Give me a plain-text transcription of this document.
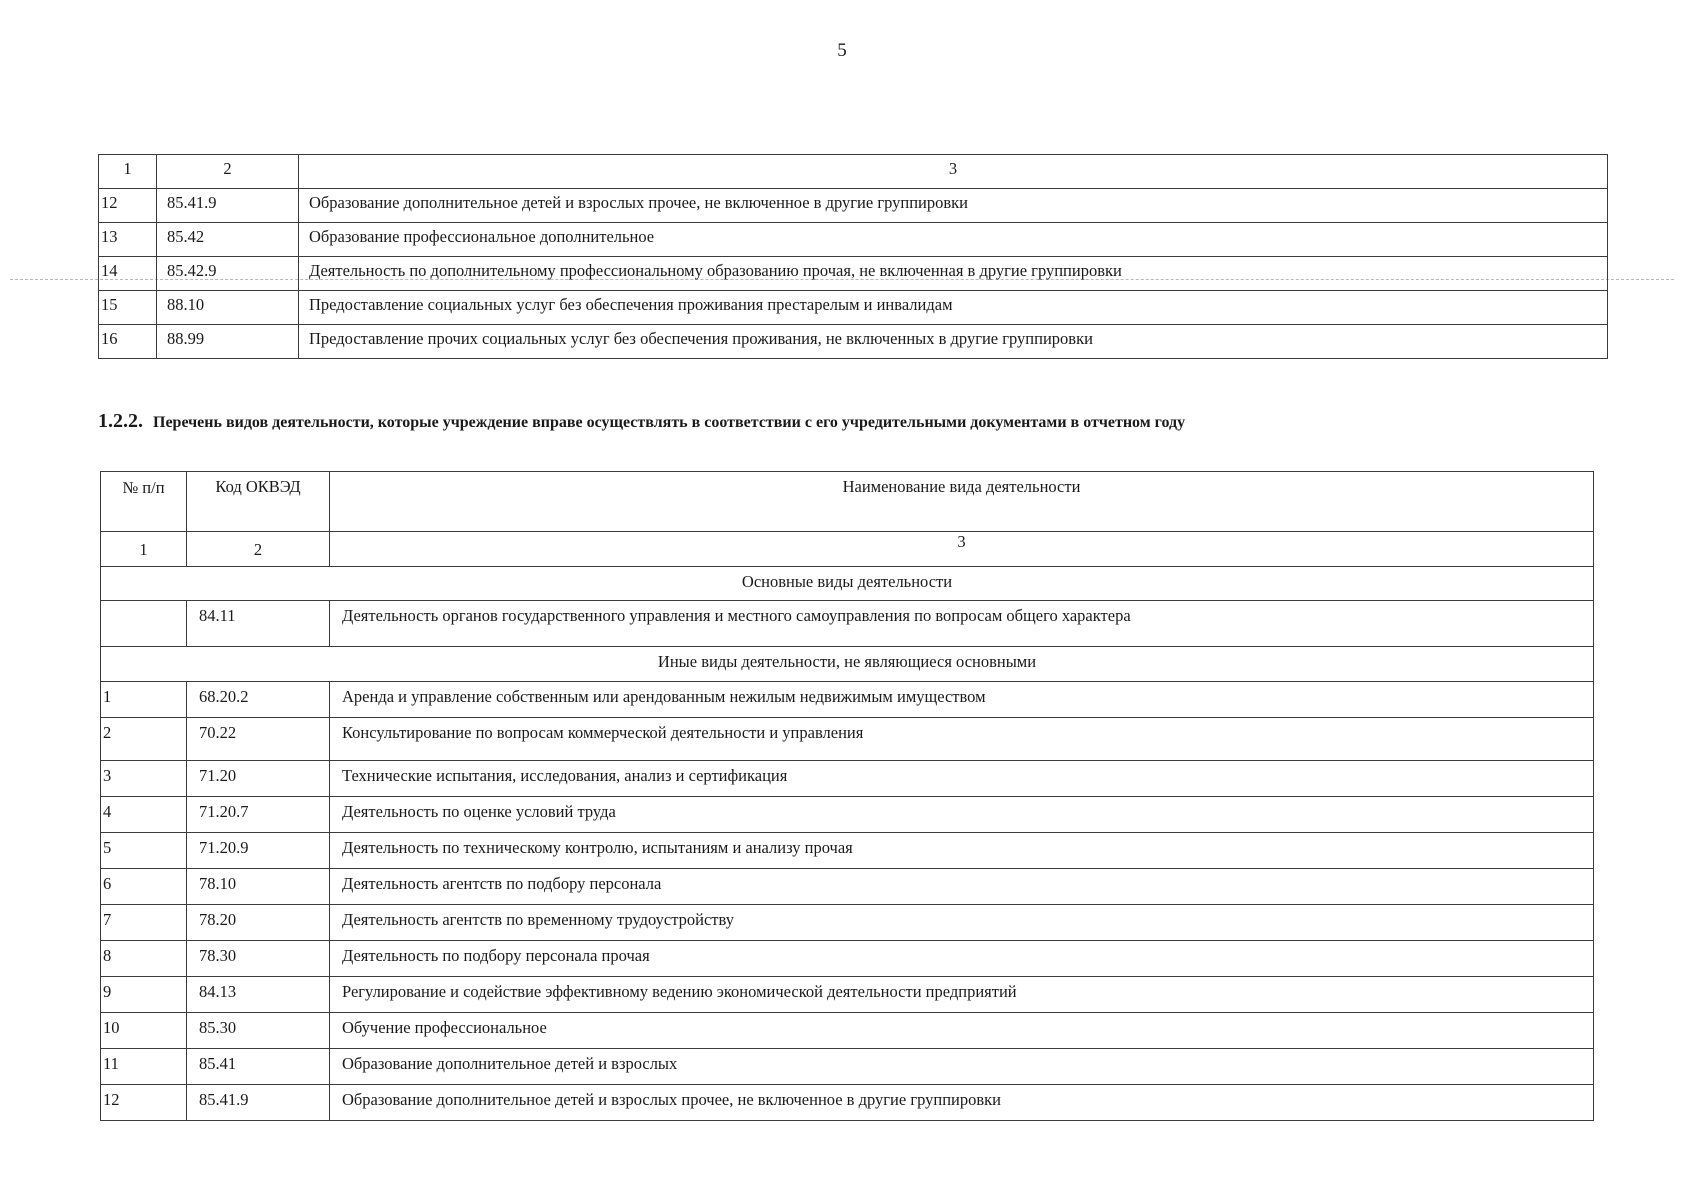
5
1	2	3
12	85.41.9	Образование дополнительное детей и взрослых прочее, не включенное в другие группировки
13	85.42	Образование профессиональное дополнительное
14	85.42.9	Деятельность по дополнительному профессиональному образованию прочая, не включенная в другие группировки
15	88.10	Предоставление социальных услуг без обеспечения проживания престарелым и инвалидам
16	88.99	Предоставление прочих социальных услуг без обеспечения проживания, не включенных в другие группировки
1.2.2. Перечень видов деятельности, которые учреждение вправе осуществлять в соответствии с его учредительными документами в отчетном году
№ п/п	Код ОКВЭД	Наименование вида деятельности
1	2	3
Основные виды деятельности		
	84.11	Деятельность органов государственного управления и местного самоуправления по вопросам общего характера
Иные виды деятельности, не являющиеся основными		
1	68.20.2	Аренда и управление собственным или арендованным нежилым недвижимым имуществом
2	70.22	Консультирование по вопросам коммерческой деятельности и управления
3	71.20	Технические испытания, исследования, анализ и сертификация
4	71.20.7	Деятельность по оценке условий труда
5	71.20.9	Деятельность по техническому контролю, испытаниям и анализу прочая
6	78.10	Деятельность агентств по подбору персонала
7	78.20	Деятельность агентств по временному трудоустройству
8	78.30	Деятельность по подбору персонала прочая
9	84.13	Регулирование и содействие эффективному ведению экономической деятельности предприятий
10	85.30	Обучение профессиональное
11	85.41	Образование дополнительное детей и взрослых
12	85.41.9	Образование дополнительное детей и взрослых прочее, не включенное в другие группировки
